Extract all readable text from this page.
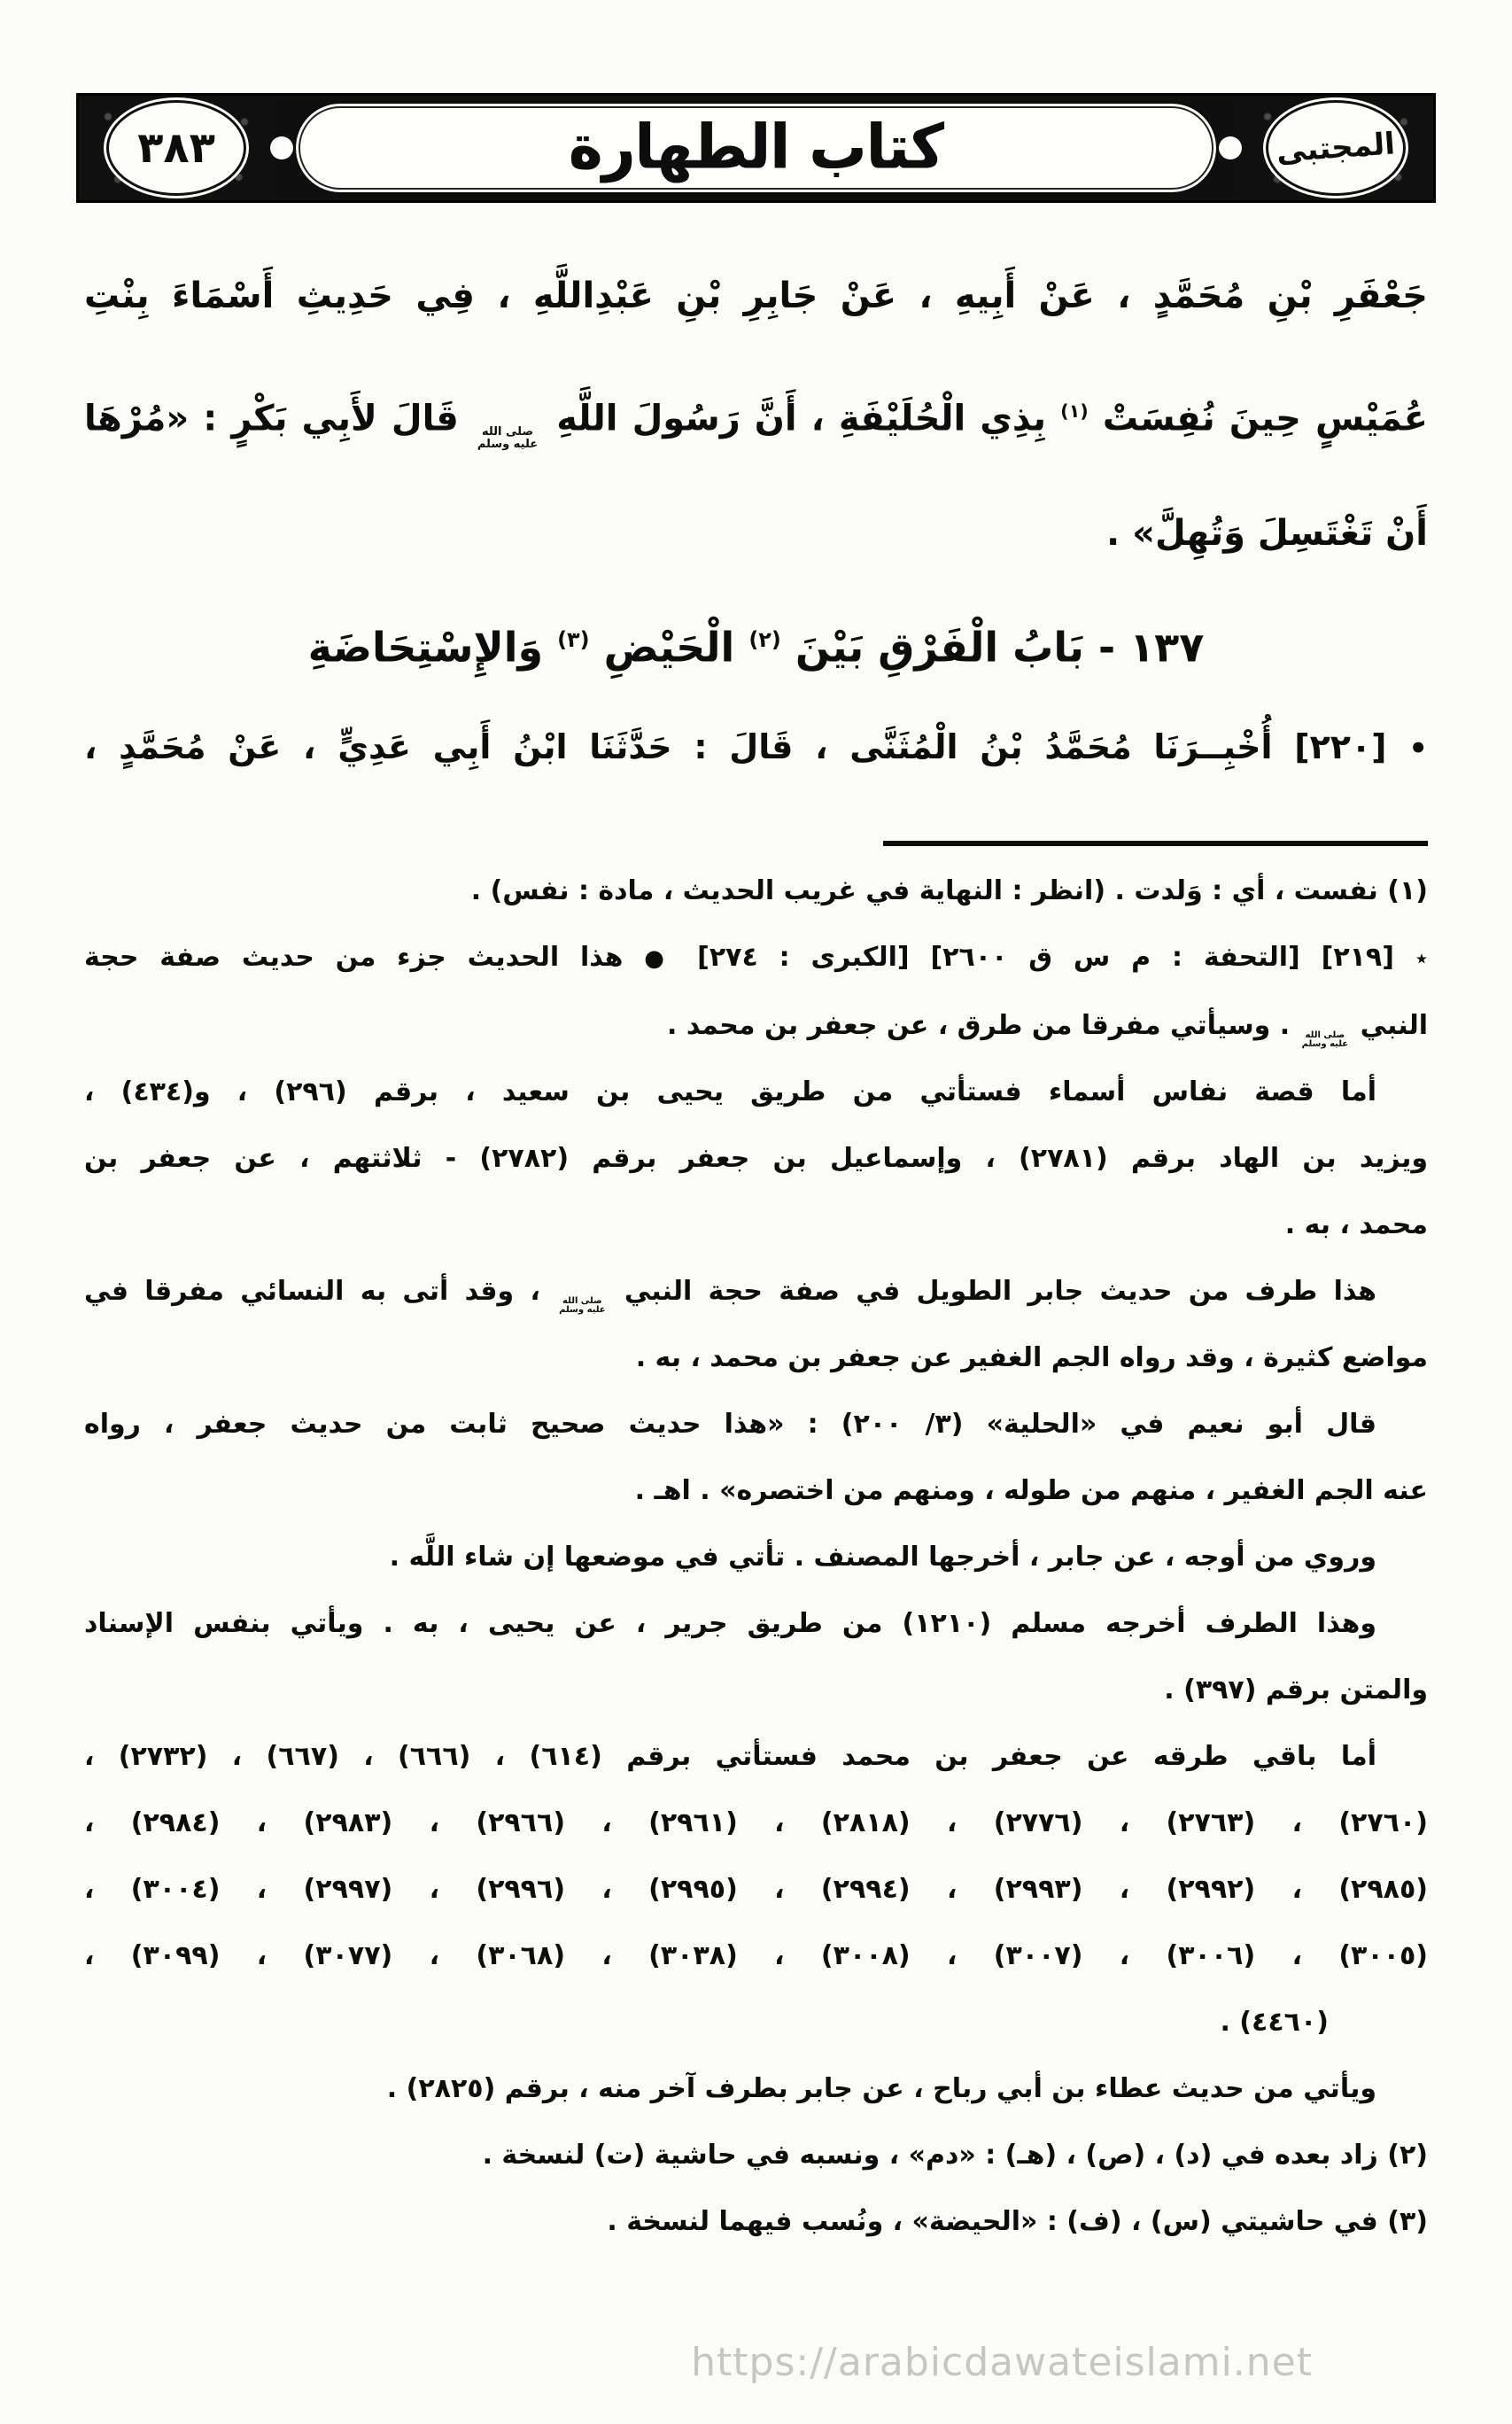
المجتبى
كتاب الطهارة
٣٨٣
جَعْفَرِ بْنِ مُحَمَّدٍ ، عَنْ أَبِيهِ ، عَنْ جَابِرِ بْنِ عَبْدِاللَّهِ ، فِي حَدِيثِ أَسْمَاءَ بِنْتِ
عُمَيْسٍ حِينَ نُفِسَتْ $^{(١)}$ بِذِي الْحُلَيْفَةِ ، أَنَّ رَسُولَ اللَّهِ
صلى الله
عليه وسلم
قَالَ لأَبِي بَكْرٍ : «مُرْهَا
أَنْ تَغْتَسِلَ وَتُهِلَّ» .
١٣٧ - بَابُ الْفَرْقِ بَيْنَ $^{(٢)}$ الْحَيْضِ $^{(٣)}$ وَالإِسْتِحَاضَةِ
• [٢٢٠] أُخْبِــرَنَا مُحَمَّدُ بْنُ الْمُثَنَّى ، قَالَ : حَدَّثَنَا ابْنُ أَبِي عَدِيٍّ ، عَنْ مُحَمَّدٍ ،
(١) نفست ، أي : وَلدت . (انظر : النهاية في غريب الحديث ، مادة : نفس) .
٭ [٢١٩] [التحفة : م س ق ٢٦٠٠] [الكبرى : ٢٧٤] ● هذا الحديث جزء من حديث صفة حجة
النبي
صلى الله
عليه وسلم
. وسيأتي مفرقا من طرق ، عن جعفر بن محمد .
أما قصة نفاس أسماء فستأتي من طريق يحيى بن سعيد ، برقم (٢٩٦) ، و(٤٣٤) ،
ويزيد بن الهاد برقم (٢٧٨١) ، وإسماعيل بن جعفر برقم (٢٧٨٢) - ثلاثتهم ، عن جعفر بن
محمد ، به .
هذا طرف من حديث جابر الطويل في صفة حجة النبي
صلى الله
عليه وسلم
، وقد أتى به النسائي مفرقا في
مواضع كثيرة ، وقد رواه الجم الغفير عن جعفر بن محمد ، به .
قال أبو نعيم في «الحلية» (٣/ ٢٠٠) : «هذا حديث صحيح ثابت من حديث جعفر ، رواه
عنه الجم الغفير ، منهم من طوله ، ومنهم من اختصره» . اهـ .
وروي من أوجه ، عن جابر ، أخرجها المصنف . تأتي في موضعها إن شاء اللَّه .
وهذا الطرف أخرجه مسلم (١٢١٠) من طريق جرير ، عن يحيى ، به . ويأتي بنفس الإسناد
والمتن برقم (٣٩٧) .
أما باقي طرقه عن جعفر بن محمد فستأتي برقم (٦١٤) ، (٦٦٦) ، (٦٦٧) ، (٢٧٣٢) ،
(٢٧٦٠) ، (٢٧٦٣) ، (٢٧٧٦) ، (٢٨١٨) ، (٢٩٦١) ، (٢٩٦٦) ، (٢٩٨٣) ، (٢٩٨٤) ،
(٢٩٨٥) ، (٢٩٩٢) ، (٢٩٩٣) ، (٢٩٩٤) ، (٢٩٩٥) ، (٢٩٩٦) ، (٢٩٩٧) ، (٣٠٠٤) ،
(٣٠٠٥) ، (٣٠٠٦) ، (٣٠٠٧) ، (٣٠٠٨) ، (٣٠٣٨) ، (٣٠٦٨) ، (٣٠٧٧) ، (٣٠٩٩) ،
(٤٤٦٠) .
ويأتي من حديث عطاء بن أبي رباح ، عن جابر بطرف آخر منه ، برقم (٢٨٢٥) .
(٢) زاد بعده في (د) ، (ص) ، (هـ) : «دم» ، ونسبه في حاشية (ت) لنسخة .
(٣) في حاشيتي (س) ، (ف) : «الحيضة» ، ونُسب فيهما لنسخة .
https://arabicdawateislami.net
